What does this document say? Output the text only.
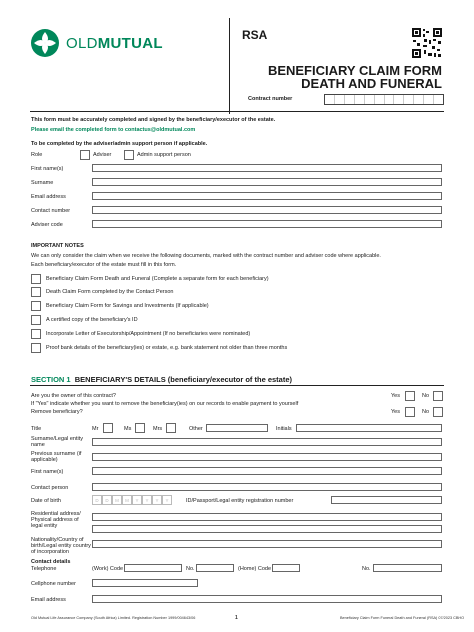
OLDMUTUAL	RSA
BENEFICIARY CLAIM FORM
DEATH AND FUNERAL
Contract number
This form must be accurately completed and signed by the beneficiary/executor of the estate.
Please email the completed form to contactus@oldmutual.com
To be completed by the adviser/admin support person if applicable.
Role	Adviser	Admin support person
First name(s)
Surname
Email address
Contact number
Adviser code
IMPORTANT NOTES
We can only consider the claim when we receive the following documents, marked with the contract number and adviser code where applicable.
Each beneficiary/executor of the estate must fill in this form.
Beneficiary Claim Form Death and Funeral (Complete a separate form for each beneficiary)
Death Claim Form completed by the Contact Person
Beneficiary Claim Form for Savings and Investments (If applicable)
A certified copy of the beneficiary's ID
Incorporate Letter of Executorship/Appointment (If no beneficiaries were nominated)
Proof bank details of the beneficiary(ies) or estate, e.g. bank statement not older than three months
SECTION 1 BENEFICIARY'S DETAILS (beneficiary/executor of the estate)
Are you the owner of this contract?	Yes	No
If "Yes" indicate whether you want to remove the beneficiary(ies) on our records to enable payment to yourself
Remove beneficiary?	Yes	No
Title	Mr	Ms	Mrs	Other	Initials
Surname/Legal entity name
Previous surname (if applicable)
First name(s)
Contact person
Date of birth	D	D	M	M	Y	Y	Y	Y	ID/Passport/Legal entity registration number
Residential address/ Physical address of legal entity
Nationality/Country of birth/Legal entity country of incorporation
Contact details
Telephone	(Work) Code	No.	(Home) Code	No.
Cellphone number
Email address
Old Mutual Life Assurance Company (South Africa) Limited. Registration Number 1999/004643/06	1	Beneficiary Claim Form Funeral Death and Funeral (RSA) 07/2023 CBHO
